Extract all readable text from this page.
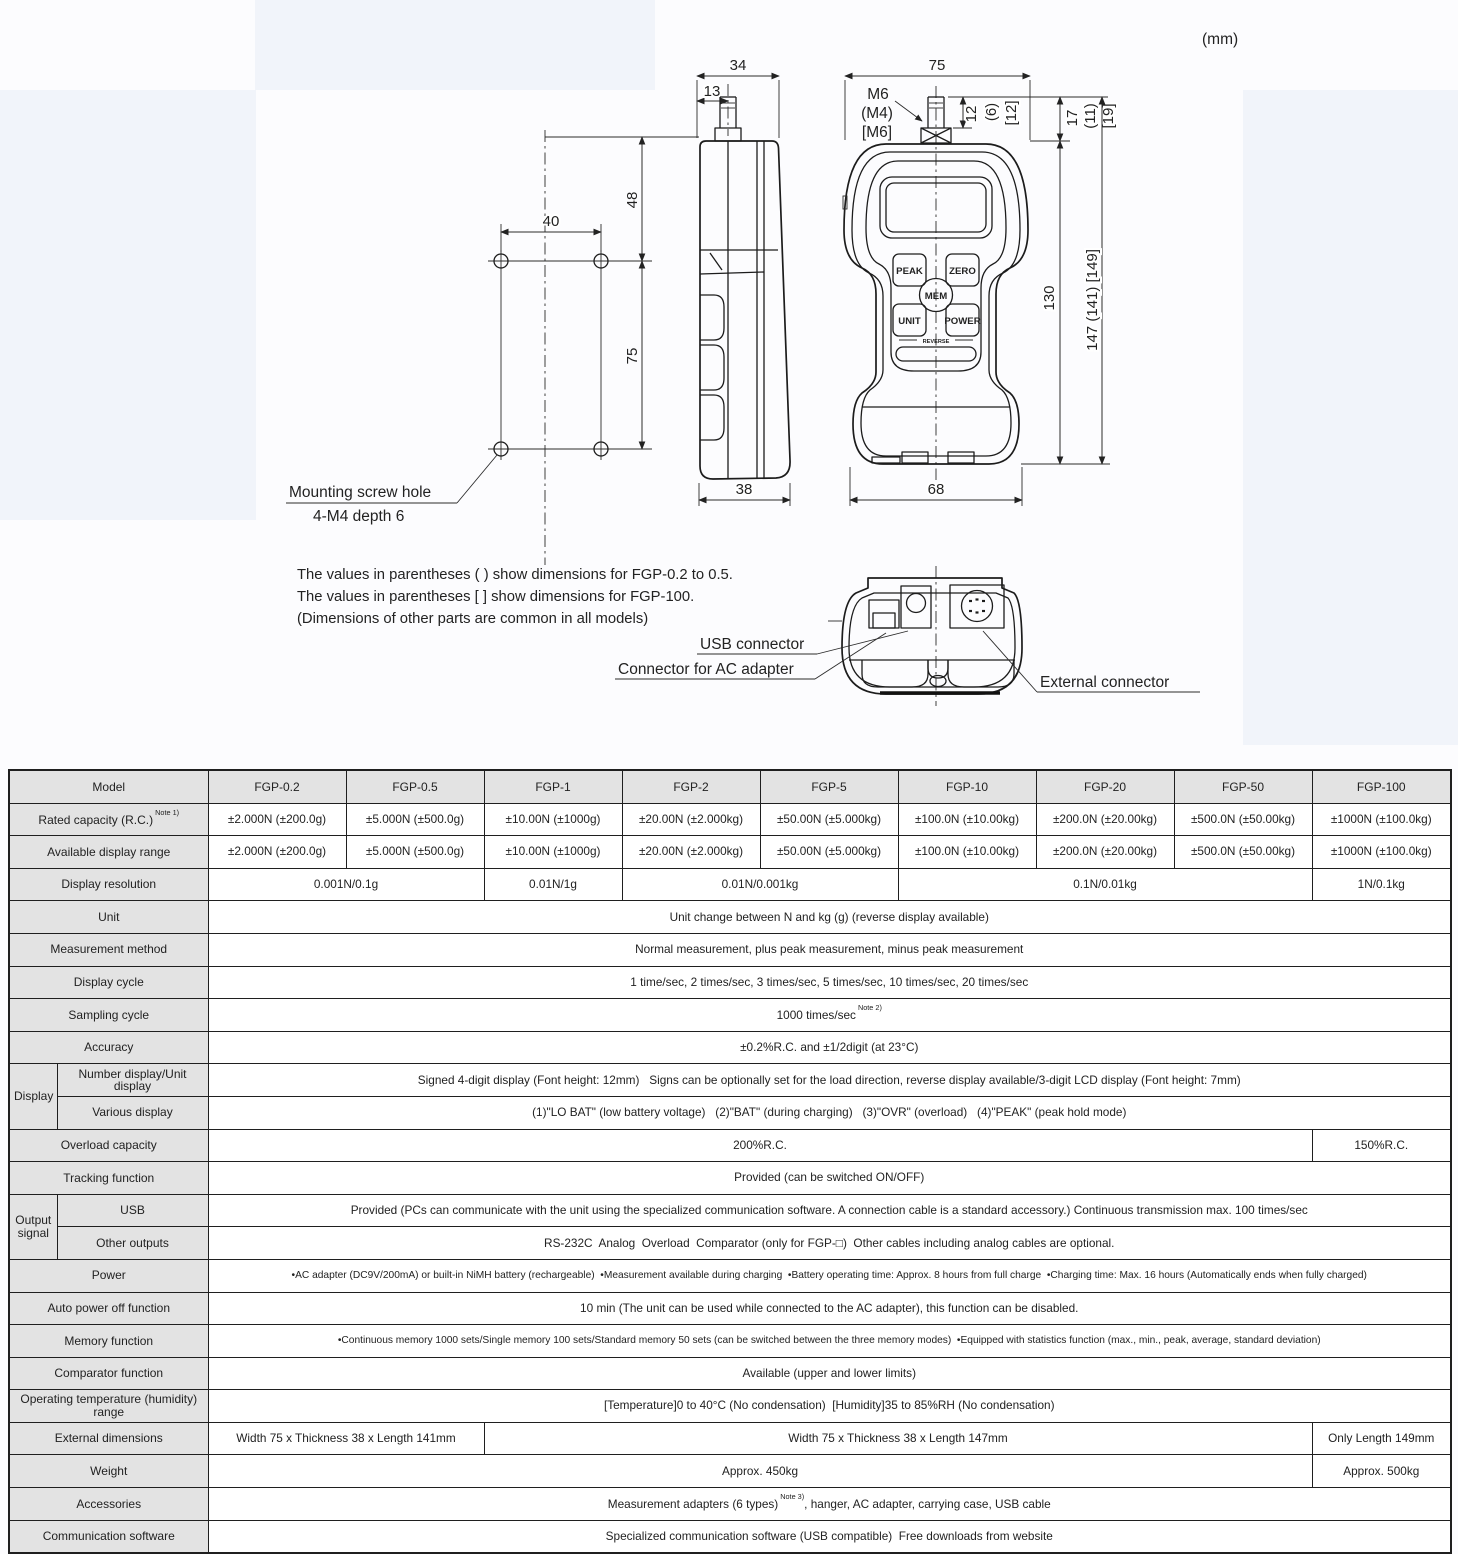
(mm)
40
48
75
Mounting screw hole
4-M4 depth 6
34
13
38
75
M6
(M4)
[M6]
12 (6) [12]
PEAK	ZERO
MEM
UNIT POWER
REVERSE
17 (11) [19]
130 147 (141) [149]
68
The values in parentheses ( ) show dimensions for FGP-0.2 to 0.5.
The values in parentheses [ ] show dimensions for FGP-100.
(Dimensions of other parts are common in all models)
USB connector
Connector for AC adapter
External connector
Model		FGP-0.2	FGP-0.5	FGP-1	FGP-2	FGP-5	FGP-10	FGP-20	FGP-50	FGP-100
Rated capacity (R.C.)$^{Note 1)}$		±2.000N (±200.0g)	±5.000N (±500.0g)	±10.00N (±1000g)	±20.00N (±2.000kg)	±50.00N (±5.000kg)	±100.0N (±10.00kg)	±200.0N (±20.00kg)	±500.0N (±50.00kg)	±1000N (±100.0kg)
Available display range		±2.000N (±200.0g)	±5.000N (±500.0g)	±10.00N (±1000g)	±20.00N (±2.000kg)	±50.00N (±5.000kg)	±100.0N (±10.00kg)	±200.0N (±20.00kg)	±500.0N (±50.00kg)	±1000N (±100.0kg)
Display resolution		0.001N/0.1g		0.01N/1g	0.01N/0.001kg		0.1N/0.01kg			1N/0.1kg
Unit		Unit change between N and kg (g) (reverse display available)								
Measurement method		Normal measurement, plus peak measurement, minus peak measurement								
Display cycle		1 time/sec, 2 times/sec, 3 times/sec, 5 times/sec, 10 times/sec, 20 times/sec								
Sampling cycle		1000 times/sec$^{Note 2)}$
Accuracy		±0.2%R.C. and ±1/2digit (at 23°C)								
Display	Number display/Unit display	Signed 4-digit display (Font height: 12mm)   Signs can be optionally set for the load direction, reverse display available/3-digit LCD display (Font height: 7mm)								
	Various display	(1)"LO BAT" (low battery voltage)   (2)"BAT" (during charging)   (3)"OVR" (overload)   (4)"PEAK" (peak hold mode)								
Overload capacity		200%R.C.								150%R.C.
Tracking function		Provided (can be switched ON/OFF)								
Output signal	USB	Provided (PCs can communicate with the unit using the specialized communication software. A connection cable is a standard accessory.) Continuous transmission max. 100 times/sec								
	Other outputs	RS-232C  Analog  Overload  Comparator (only for FGP-□)  Other cables including analog cables are optional.								
Power		•AC adapter (DC9V/200mA) or built-in NiMH battery (rechargeable)  •Measurement available during charging  •Battery operating time: Approx. 8 hours from full charge  •Charging time: Max. 16 hours (Automatically ends when fully charged)								
Auto power off function		10 min (The unit can be used while connected to the AC adapter), this function can be disabled.								
Memory function		•Continuous memory 1000 sets/Single memory 100 sets/Standard memory 50 sets (can be switched between the three memory modes)  •Equipped with statistics function (max., min., peak, average, standard deviation)								
Comparator function		Available (upper and lower limits)								
Operating temperature (humidity) range		[Temperature]0 to 40°C (No condensation)  [Humidity]35 to 85%RH (No condensation)								
External dimensions		Width 75 x Thickness 38 x Length 141mm		Width 75 x Thickness 38 x Length 147mm						Only Length 149mm
Weight		Approx. 450kg								Approx. 500kg
Accessories		Measurement adapters (6 types)$^{Note 3)}$, hanger, AC adapter, carrying case, USB cable								
Communication software		Specialized communication software (USB compatible)  Free downloads from website								
